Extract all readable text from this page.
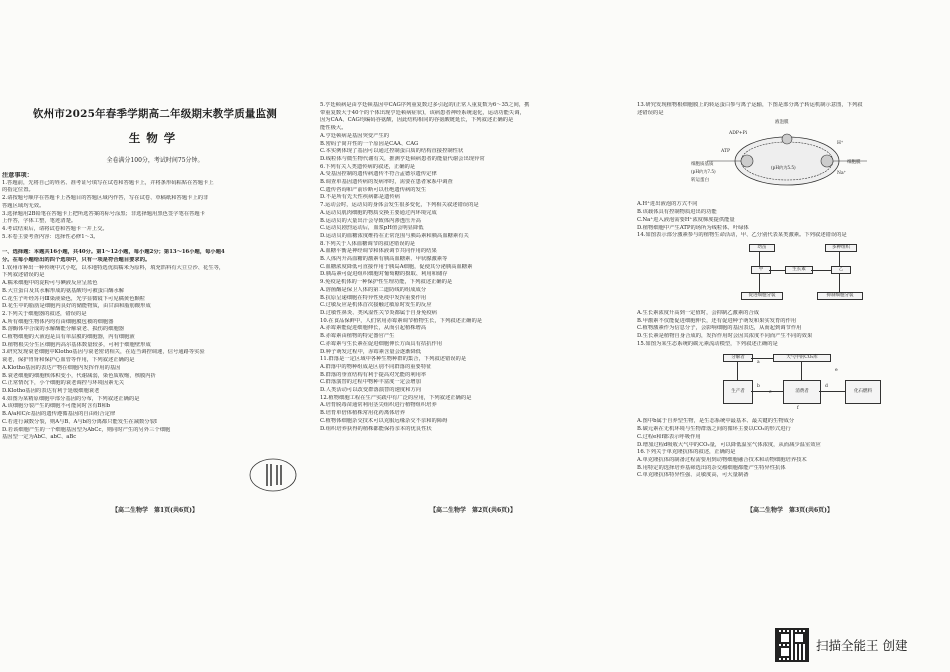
钦州市2025年春季学期高二年级期末教学质量监测
生物学
全卷满分100分，考试时间75分钟。
注意事项：

1.答题前，先将自己的姓名、准考证号填写在试卷和答题卡上，并将条形码粘贴在答题卡上

的指定位置。

2.请按题号顺序在答题卡上各题目的答题区域内作答，写在试卷、草稿纸和答题卡上的非

答题区域均无效。

3.选择题用2B铅笔在答题卡上把所选答案的标号涂黑；非选择题用黑色签字笔在答题卡

上作答，字体工整，笔迹清楚。

4.考试结束后，请将试卷和答题卡一并上交。

5.本卷主要考查内容：选择性必修1～3。

一、选择题：本题共16小题，共40分。第1～12小题，每小题2分；第13～16小题，每小题4

分。在每小题给出的四个选项中，只有一项是符合题目要求的。

1.钦州市种出一种传统中式小吃，以本地特选优质糯米为原料，填充馅料有大豆豆沙、花生等，

下列叙述错误的是

A.糯米细胞中的淀粉可与碘液反应呈蓝色

B.大豆蛋白及其水解形成的氨基酸均可被蛋白酶水解

C.花生子叶经苏丹Ⅲ染液染色，光学显微镜下可见橘黄色颗粒

D.花生中的脂肪是细胞内良好的储能物质，由甘油和脂肪酸形成

2.下列关于细胞器的叙述，错误的是

A.所有细胞生物体内均有由细胞膜包被的细胞器

B.溶酶体中合成的水解酶能分解衰老、损伤的细胞器

C.植物细胞的大液泡是具有单层膜的细胞器，内有细胞液

D.植物根尖分生区细胞内高尔基体数量较多，可利于细胞壁形成

3.研究发现衰老细胞中Klotho基因与衰老密切相关，在适当调控调速，信号通路等实验

衰老，保护胃肾和保护心血管等作用，下列叙述正确的是

A.Klotho基因的表达产物在细胞内发挥作用的基因

B.衰老细胞的细胞核体积变小，代谢减弱，染色质收缩，核膜内折

C.正常情况下，小个细胞的衰老调控与环境因素无关

D.Klotho基因的表达有利于延缓细胞衰老

4.如图为某精原细胞中部分基因的分布，下列叙述正确的是

A.该细胞分裂产生的细胞不可能同时含有B和b

B.A/a和C/c基因的遗传遵循基因的自由组合定律

C.若进行减数分裂，则A与B、A与b的分离都只能发生在减数分裂Ⅰ

D.若该细胞产生的一个细胞基因型为AbCc，则同时产生的另外三个细胞

基因型一定为AbC、abC、aBc

【高二生物学　第1页(共6页)】

5.亨廷顿病是由亨廷顿基因中CAG序列重复数过多引起的(正常人重复数为6～35之间，携

带重复数大于40个的个体出现亨廷顿病症状)，该病患者神经系统退化，运动功能失调，

因为CAA、CAG均编码谷氨酸，因此结构相同的谷氨酸链延长，下列叙述正确的是

能性极大。

A.亨廷顿病是基因突变产生的

B.密码子简并性的一个原因是CAA、CAG

C.本实例体现了基因可以通过控制蛋白质的结构直接控制性状

D.线粒体与微生物代谢有关，推测亨廷顿病患者的能量代谢会出现异常

6.下列有关人类遗传病的叙述，正确的是

A.受基因控制的遗传病遗传不符合孟德尔遗传定律

B.调查单基因遗传病的发病率时，需要在患者家系中调查

C.遗传咨询和产前诊断可以杜绝遗传病的发生

D.不是所有先天性疾病都是遗传病

7.运动会时，运动员的身体会发生很多变化，下列相关叙述错误的是

A.运动员肌肉细胞的物质交换主要通过内环境完成

B.运动员的大量出汗会导致体内渗透压升高

C.运动员剧烈运动后，血浆pH值会明显降低

D.运动员的血糖浓度维持在正常范围与胰岛素和胰高血糖素有关

8.下列关于人体血糖调节的叙述错误的是

A.血糖平衡是神经调节和体液调节共同作用的结果

B.人体内升高血糖的激素有胰高血糖素、甲状腺激素等

C.血糖浓度降低可直接作用于胰岛A细胞，促使其分泌胰高血糖素

D.胰岛素可促进组织细胞对葡萄糖的摄取、利用和储存

9.免疫是机体的一种保护性生理功能，下列叙述正确的是

A.溶菌酶是保卫人体的第二道防线的组成成分

B.抗原呈递细胞在特异性免疫中发挥重要作用

C.过敏反应是机体首次接触过敏原时发生的反应

D.过敏性鼻炎、类风湿性关节炎都属于自身免疫病

10.在食品保鲜中，人们常用赤霉素调节植物生长，下列叙述正确的是

A.赤霉素能促进细胞伸长，从而引起植株增高

B.赤霉素由植物的特定器官产生

C.赤霉素与生长素在促进细胞伸长方面具有拮抗作用

D.种子萌发过程中，赤霉素含量会逐渐降低

11.群落是一定区域中各种生物种群的集合，下列叙述错误的是

A.群落中的物种组成是区别不同群落的重要特征

B.群落的垂直结构有利于提高对光能的利用率

C.群落演替的过程中物种丰富度一定会增加

D.人类活动可以改变群落演替的速度和方向

12.植物细胞工程在生产实践中有广泛的应用，下列叙述正确的是

A.培育脱毒苗通常利用茎尖组织进行植物组织培养

B.培育单倍体植株常用花药离体培养

C.植物体细胞杂交技术可以克服远缘杂交不亲和的障碍

D.组织培养获得的植株都能保持亲本的优良性状

【高二生物学　第2页(共6页)】

13.研究发现植物根细胞膜上的转运蛋白参与离子运输，下图是部分离子转运机制示意图，下列叙

述错误的是

液泡膜
ADP+Pi
ATP
H⁺
Na⁺
细胞质基质	细胞膜
转运蛋白
(pH约为7.5)
(pH约为5.5)

A.H⁺进出液泡的方式不同

B.该载体具有控制物质进出的功能

C.Na⁺进入液泡需要H⁺浓度梯度提供能量

D.植物细胞中产生ATP的场所为线粒体、叶绿体

14.如图表示部分激素参与的植物生命活动，甲、乙分别代表某类激素。下列叙述错误的是

幼苗	多种组织
甲	生长素	乙
促进细胞分裂	抑制细胞分裂

A.生长素浓度升高到一定值时，会抑制乙激素的合成

B.甲激素不仅能促进细胞伸长，还有促进种子萌发和果实发育的作用

C.植物激素作为信息分子，会影响细胞的基因表达，从而起到调节作用

D.生长素是植物自身合成的，发挥作用时会因其浓度不同而产生不同的效果

15.如图为某生态系统的碳元素流动模型，下列叙述正确的是

分解者	大气中的CO₂库
生产者	消费者	化石燃料
a
b
c
d
e
f

A.图中b属于自养型生物，是生态系统中最基本、最关键的生物成分

B.碳元素在无机环境与生物群落之间的循环主要以CO₂的形式进行

C.过程e和f都表示呼吸作用

D.增加过程d吸收大气中的CO₂量，可以降低温室气体浓度，从而减少温室效应

16.下列关于单克隆抗体的叙述，正确的是

A.单克隆抗体的制备过程需要用到动物细胞融合技术和动物细胞培养技术

B.用特定的选择培养基筛选出的杂交瘤细胞都能产生特异性抗体

C.单克隆抗体特异性强、灵敏度高，可大量制备

【高二生物学　第3页(共6页)】
扫描全能王 创建
